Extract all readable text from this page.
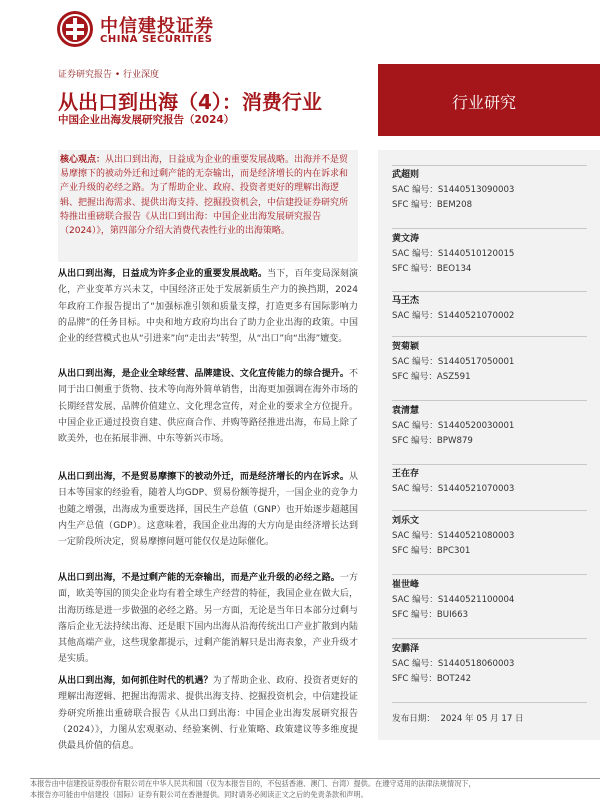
中信建投证券
CHINA SECURITIES
证券研究报告 • 行业深度
从出口到出海（4）：消费行业
中国企业出海发展研究报告（2024）
行业研究
核心观点：从出口到出海，日益成为企业的重要发展战略。出海并不是贸易摩擦下的被动外迁和过剩产能的无奈输出，而是经济增长的内在诉求和产业升级的必经之路。为了帮助企业、政府、投资者更好的理解出海逻辑、把握出海需求、提供出海支持、挖掘投资机会，中信建投证券研究所特推出重磅联合报告《从出口到出海：中国企业出海发展研究报告（2024）》，第四部分介绍大消费代表性行业的出海策略。
从出口到出海，日益成为许多企业的重要发展战略。当下，百年变局深刻演化，产业变革方兴未艾，中国经济正处于发展新质生产力的换挡期，2024年政府工作报告提出了“加强标准引领和质量支撑，打造更多有国际影响力的品牌”的任务目标。中央和地方政府均出台了助力企业出海的政策。中国企业的经营模式也从“引进来”向“走出去”转型，从“出口”向“出海”嬗变。
从出口到出海，是企业全球经营、品牌建设、文化宣传能力的综合提升。不同于出口侧重于货物、技术等向海外简单销售，出海更加强调在海外市场的长期经营发展、品牌价值建立、文化理念宣传，对企业的要求全方位提升。中国企业正通过投资自建、供应商合作、并购等路径推进出海，布局上除了欧美外，也在拓展非洲、中东等新兴市场。
从出口到出海，不是贸易摩擦下的被动外迁，而是经济增长的内在诉求。从日本等国家的经验看，随着人均GDP、贸易份额等提升，一国企业的竞争力也随之增强，出海成为重要选择，国民生产总值（GNP）也开始逐步超越国内生产总值（GDP）。这意味着，我国企业出海的大方向是由经济增长达到一定阶段所决定，贸易摩擦问题可能仅仅是边际催化。
从出口到出海，不是过剩产能的无奈输出，而是产业升级的必经之路。一方面，欧美等国的顶尖企业均有着全球生产经营的特征，我国企业在做大后，出海历练是进一步做强的必经之路。另一方面，无论是当年日本部分过剩与落后企业无法持续出海、还是眼下国内出海从沿海传统出口产业扩散到内陆其他高端产业，这些现象都提示，过剩产能消解只是出海表象，产业升级才是实质。
从出口到出海，如何抓住时代的机遇？为了帮助企业、政府、投资者更好的理解出海逻辑、把握出海需求、提供出海支持、挖掘投资机会，中信建投证券研究所推出重磅联合报告《从出口到出海：中国企业出海发展研究报告（2024）》，力图从宏观驱动、经验案例、行业策略、政策建议等多维度提供最具价值的信息。
武超则
SAC 编号：S1440513090003
SFC 编号：BEM208
黄文涛
SAC 编号：S1440510120015
SFC 编号：BEO134
马王杰
SAC 编号：S1440521070002
贺菊颖
SAC 编号：S1440517050001
SFC 编号：ASZ591
袁清慧
SAC 编号：S1440520030001
SFC 编号：BPW879
王在存
SAC 编号：S1440521070003
刘乐文
SAC 编号：S1440521080003
SFC 编号：BPC301
崔世峰
SAC 编号：S1440521100004
SFC 编号：BUI663
安鹏泽
SAC 编号：S1440518060003
SFC 编号：BOT242
发布日期： 2024 年 05 月 17 日
本报告由中信建投证券股份有限公司在中华人民共和国（仅为本报告目的，不包括香港、澳门、台湾）提供。在遵守适用的法律法规情况下，
本报告亦可能由中信建投（国际）证券有限公司在香港提供。同时请务必阅读正文之后的免责条款和声明。
